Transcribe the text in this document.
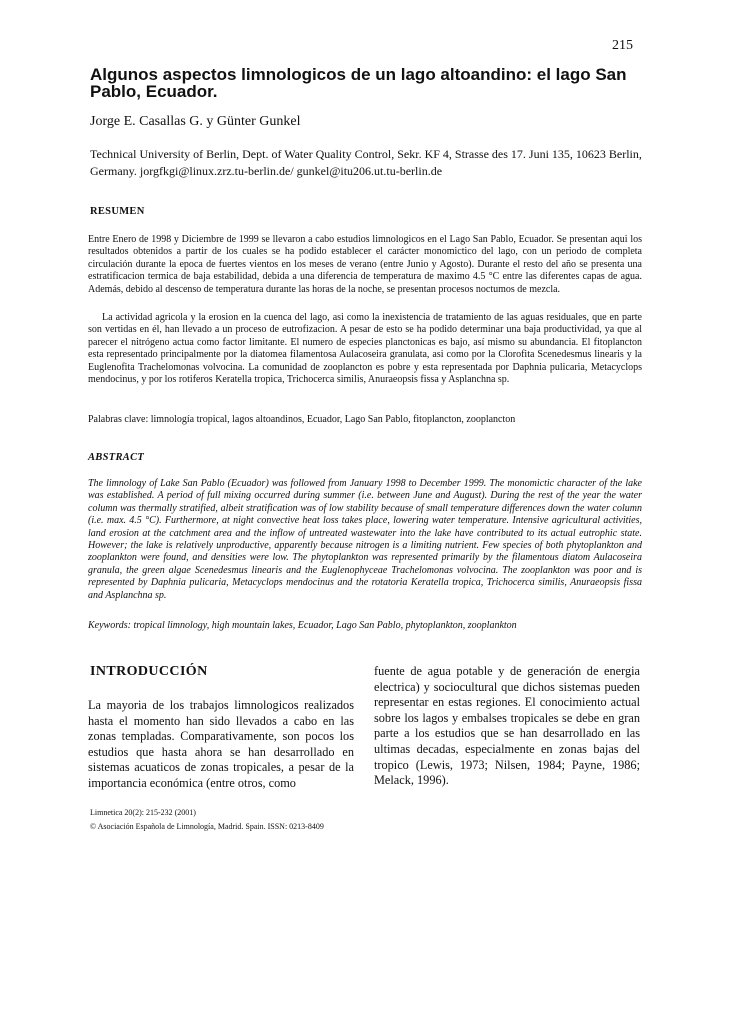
215
Algunos aspectos limnologicos de un lago altoandino: el lago San Pablo, Ecuador.
Jorge E. Casallas G. y Günter Gunkel
Technical University of Berlin, Dept. of Water Quality Control, Sekr. KF 4, Strasse des 17. Juni 135, 10623 Berlin, Germany. jorgfkgi@linux.zrz.tu-berlin.de/ gunkel@itu206.ut.tu-berlin.de
RESUMEN

Entre Enero de 1998 y Diciembre de 1999 se llevaron a cabo estudios limnologicos en el Lago San Pablo, Ecuador. Se presentan aqui los resultados obtenidos a partir de los cuales se ha podido establecer el carácter monomictico del lago, con un periodo de completa circulación durante la epoca de fuertes vientos en los meses de verano (entre Junio y Agosto). Durante el resto del año se presenta una estratificacion termica de baja estabilidad, debida a una diferencia de temperatura de maximo 4.5 °C entre las diferentes capas de agua. Además, debido al descenso de temperatura durante las horas de la noche, se presentan procesos noctumos de mezcla.

La actividad agricola y la erosion en la cuenca del lago, asi como la inexistencia de tratamiento de las aguas residuales, que en parte son vertidas en él, han llevado a un proceso de eutrofizacion. A pesar de esto se ha podido determinar una baja productividad, ya que al parecer el nitrógeno actua como factor limitante. El numero de especies planctonicas es bajo, así mismo su abundancia. El fitoplancton esta representado principalmente por la diatomea filamentosa Aulacoseira granulata, asi como por la Clorofita Scenedesmus linearis y la Euglenofita Trachelomonas volvocina. La comunidad de zooplancton es pobre y esta representada por Daphnia pulicaria, Metacyclops mendocinus, y por los rotiferos Keratella tropica, Trichocerca similis, Anuraeopsis fissa y Asplanchna sp.

Palabras clave: limnología tropical, lagos altoandinos, Ecuador, Lago San Pablo, fitoplancton, zooplancton
ABSTRACT

The limnology of Lake San Pablo (Ecuador) was followed from January 1998 to December 1999. The monomictic character of the lake was established. A period of full mixing occurred during summer (i.e. between June and August). During the rest of the year the water column was thermally stratified, albeit stratification was of low stability because of small temperature differences down the water column (i.e. max. 4.5 °C). Furthermore, at night convective heat loss takes place, lowering water temperature. Intensive agricultural activities, land erosion at the catchment area and the inflow of untreated wastewater into the lake have contributed to its actual eutrophic state. However; the lake is relatively unproductive, apparently because nitrogen is a limiting nutrient. Few species of both phytoplankton and zooplankton were found, and densities were low. The phytoplankton was represented primarily by the filamentous diatom Aulacoseira granula, the green algae Scenedesmus linearis and the Euglenophyceae Trachelomonas volvocina. The zooplankton was poor and is represented by Daphnia pulicaria, Metacyclops mendocinus and the rotatoria Keratella tropica, Trichocerca similis, Anuraeopsis fissa and Asplanchna sp.

Keywords: tropical limnology, high mountain lakes, Ecuador, Lago San Pablo, phytoplankton, zooplankton
INTRODUCCIÓN

La mayoria de los trabajos limnologicos realizados hasta el momento han sido llevados a cabo en las zonas templadas. Comparativamente, son pocos los estudios que hasta ahora se han desarrollado en sistemas acuaticos de zonas tropicales, a pesar de la importancia económica (entre otros, como

fuente de agua potable y de generación de energia electrica) y sociocultural que dichos sistemas pueden representar en estas regiones. El conocimiento actual sobre los lagos y embalses tropicales se debe en gran parte a los estudios que se han desarrollado en las ultimas decadas, especialmente en zonas bajas del tropico (Lewis, 1973; Nilsen, 1984; Payne, 1986; Melack, 1996).

Limnetica 20(2): 215-232 (2001)
© Asociación Española de Limnología, Madrid. Spain. ISSN: 0213-8409
